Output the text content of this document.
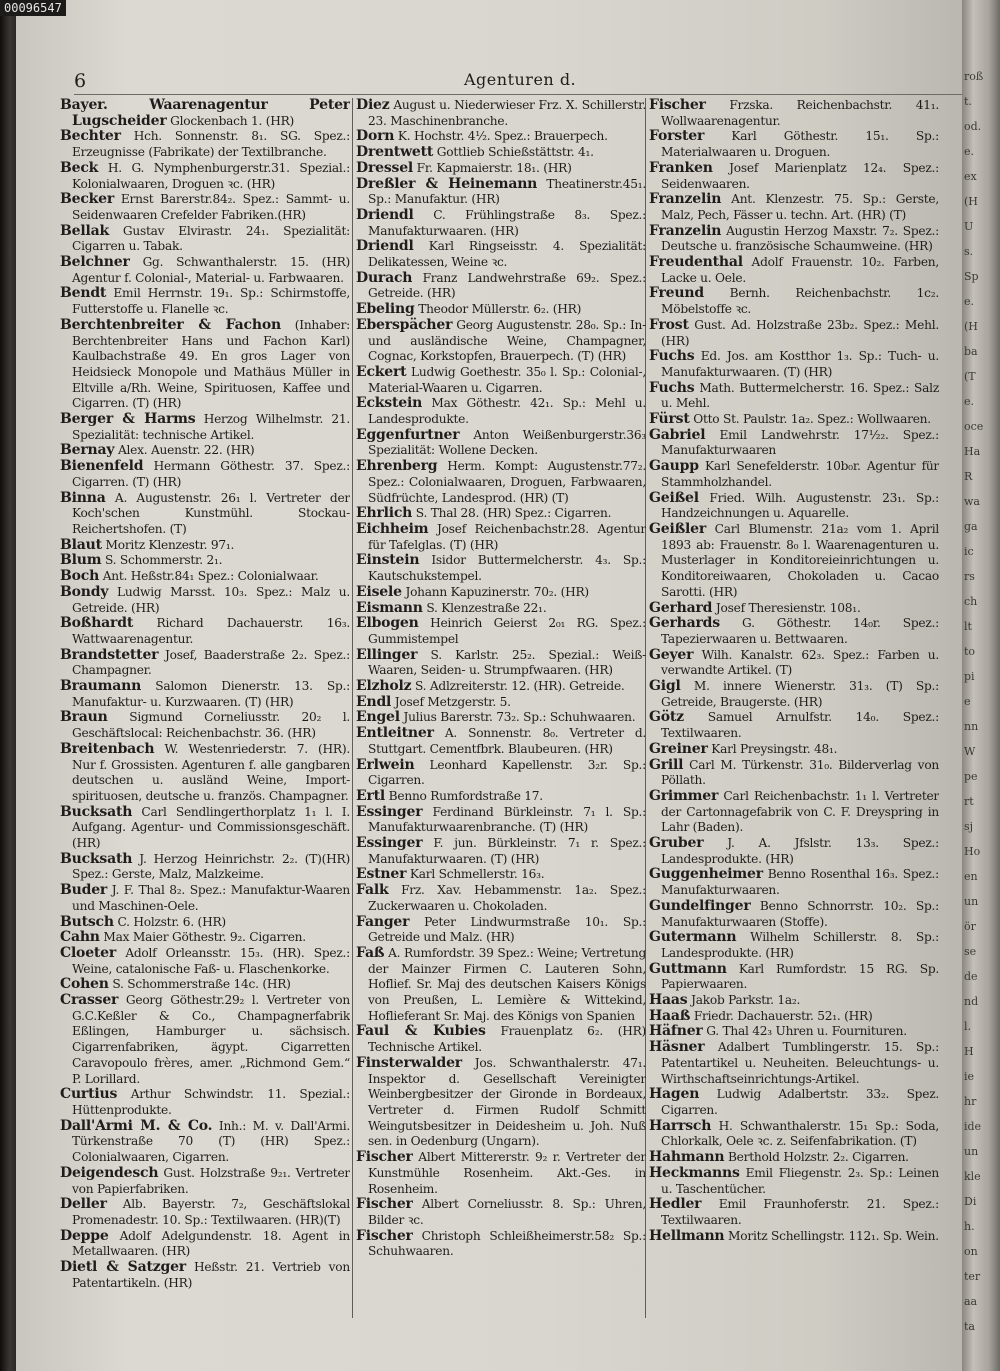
00096547
6	Agenturen d.

Bayer. Waarenagentur Peter Lugscheider Glockenbach 1. (HR)

Bechter Hch. Sonnenstr. 8₁. SG. Spez.: Erzeugnisse (Fabrikate) der Textilbranche.

Beck H. G. Nymphenburgerstr.31. Spezial.: Kolonialwaaren, Droguen ꝛc. (HR)

Becker Ernst Barerstr.84₂. Spez.: Sammt- u. Seidenwaaren Crefelder Fabriken.(HR)

Bellak Gustav Elvirastr. 24₁. Spezialität: Cigarren u. Tabak.

Belchner Gg. Schwanthalerstr. 15. (HR) Agentur f. Colonial-, Material- u. Farbwaaren.

Bendt Emil Herrnstr. 19₁. Sp.: Schirmstoffe, Futterstoffe u. Flanelle ꝛc.

Berchtenbreiter & Fachon (Inhaber: Berchtenbreiter Hans und Fachon Karl) Kaulbachstraße 49. En gros Lager von Heidsieck Monopole und Mathäus Müller in Eltville a/Rh. Weine, Spirituosen, Kaffee und Cigarren. (T) (HR)

Berger & Harms Herzog Wilhelmstr. 21. Spezialität: technische Artikel.

Bernay Alex. Auenstr. 22. (HR)

Bienenfeld Hermann Göthestr. 37. Spez.: Cigarren. (T) (HR)

Binna A. Augustenstr. 26₁ l. Vertreter der Koch'schen Kunstmühl. Stockau-Reichertshofen. (T)

Blaut Moritz Klenzestr. 97₁.

Blum S. Schommerstr. 2₁.

Boch Ant. Heßstr.84₁ Spez.: Colonialwaar.

Bondy Ludwig Marsst. 10₃. Spez.: Malz u. Getreide. (HR)

Boßhardt Richard Dachauerstr. 16₃. Wattwaarenagentur.

Brandstetter Josef, Baaderstraße 2₂. Spez.: Champagner.

Braumann Salomon Dienerstr. 13. Sp.: Manufaktur- u. Kurzwaaren. (T) (HR)

Braun Sigmund Corneliusstr. 20₂ l. Geschäftslocal: Reichenbachstr. 36. (HR)

Breitenbach W. Westenriederstr. 7. (HR). Nur f. Grossisten. Agenturen f. alle gangbaren deutschen u. ausländ Weine, Import-spirituosen, deutsche u. französ. Champagner.

Bucksath Carl Sendlingerthorplatz 1₁ l. I. Aufgang. Agentur- und Commissionsgeschäft. (HR)

Bucksath J. Herzog Heinrichstr. 2₂. (T)(HR) Spez.: Gerste, Malz, Malzkeime.

Buder J. F. Thal 8₂. Spez.: Manufaktur-Waaren und Maschinen-Oele.

Butsch C. Holzstr. 6. (HR)

Cahn Max Maier Göthestr. 9₂. Cigarren.

Cloeter Adolf Orleansstr. 15₃. (HR). Spez.: Weine, catalonische Faß- u. Flaschenkorke.

Cohen S. Schommerstraße 14c. (HR)

Crasser Georg Göthestr.29₂ l. Vertreter von G.C.Keßler & Co., Champagnerfabrik Eßlingen, Hamburger u. sächsisch. Cigarrenfabriken, ägypt. Cigarretten Caravopoulo frères, amer. „Richmond Gem.“ P. Lorillard.

Curtius Arthur Schwindstr. 11. Spezial.: Hüttenprodukte.

Dall'Armi M. & Co. Inh.: M. v. Dall'Armi. Türkenstraße 70 (T) (HR) Spez.: Colonialwaaren, Cigarren.

Deigendesch Gust. Holzstraße 9₂₁. Vertreter von Papierfabriken.

Deller Alb. Bayerstr. 7₂, Geschäftslokal Promenadestr. 10. Sp.: Textilwaaren. (HR)(T)

Deppe Adolf Adelgundenstr. 18. Agent in Metallwaaren. (HR)

Dietl & Satzger Heßstr. 21. Vertrieb von Patentartikeln. (HR)

Diez August u. Niederwieser Frz. X. Schillerstr. 23. Maschinenbranche.

Dorn K. Hochstr. 4½. Spez.: Brauerpech.

Drentwett Gottlieb Schießstättstr. 4₁.

Dressel Fr. Kapmaierstr. 18₁. (HR)

Dreßler & Heinemann Theatinerstr.45₁. Sp.: Manufaktur. (HR)

Driendl C. Frühlingstraße 8₃. Spez.: Manufakturwaaren. (HR)

Driendl Karl Ringseisstr. 4. Spezialität: Delikatessen, Weine ꝛc.

Durach Franz Landwehrstraße 69₂. Spez.: Getreide. (HR)

Ebeling Theodor Müllerstr. 6₂. (HR)

Eberspächer Georg Augustenstr. 28₀. Sp.: In- und ausländische Weine, Champagner, Cognac, Korkstopfen, Brauerpech. (T) (HR)

Eckert Ludwig Goethestr. 35₀ l. Sp.: Colonial-, Material-Waaren u. Cigarren.

Eckstein Max Göthestr. 42₁. Sp.: Mehl u. Landesprodukte.

Eggenfurtner Anton Weißenburgerstr.36₃ Spezialität: Wollene Decken.

Ehrenberg Herm. Kompt: Augustenstr.77₂. Spez.: Colonialwaaren, Droguen, Farbwaaren, Südfrüchte, Landesprod. (HR) (T)

Ehrlich S. Thal 28. (HR) Spez.: Cigarren.

Eichheim Josef Reichenbachstr.28. Agentur für Tafelglas. (T) (HR)

Einstein Isidor Buttermelcherstr. 4₃. Sp.: Kautschukstempel.

Eisele Johann Kapuzinerstr. 70₂. (HR)

Eismann S. Klenzestraße 22₁.

Elbogen Heinrich Geierst 2₀₁ RG. Spez.: Gummistempel

Ellinger S. Karlstr. 25₂. Spezial.: Weiß-Waaren, Seiden- u. Strumpfwaaren. (HR)

Elzholz S. Adlzreiterstr. 12. (HR). Getreide.

Endl Josef Metzgerstr. 5.

Engel Julius Barerstr. 73₂. Sp.: Schuhwaaren.

Entleitner A. Sonnenstr. 8₀. Vertreter d. Stuttgart. Cementfbrk. Blaubeuren. (HR)

Erlwein Leonhard Kapellenstr. 3₂r. Sp.: Cigarren.

Ertl Benno Rumfordstraße 17.

Essinger Ferdinand Bürkleinstr. 7₁ l. Sp.: Manufakturwaarenbranche. (T) (HR)

Essinger F. jun. Bürkleinstr. 7₁ r. Spez.: Manufakturwaaren. (T) (HR)

Estner Karl Schmellerstr. 16₃.

Falk Frz. Xav. Hebammenstr. 1a₂. Spez.: Zuckerwaaren u. Chokoladen.

Fanger Peter Lindwurmstraße 10₁. Sp.: Getreide und Malz. (HR)

Faß A. Rumfordstr. 39 Spez.: Weine; Vertretung der Mainzer Firmen C. Lauteren Sohn, Hoflief. Sr. Maj des deutschen Kaisers Königs von Preußen, L. Lemière & Wittekind, Hoflieferant Sr. Maj. des Königs von Spanien

Faul & Kubies Frauenplatz 6₂. (HR) Technische Artikel.

Finsterwalder Jos. Schwanthalerstr. 47₁. Inspektor d. Gesellschaft Vereinigter Weinbergbesitzer der Gironde in Bordeaux, Vertreter d. Firmen Rudolf Schmitt Weingutsbesitzer in Deidesheim u. Joh. Nuß sen. in Oedenburg (Ungarn).

Fischer Albert Mittererstr. 9₂ r. Vertreter der Kunstmühle Rosenheim. Akt.-Ges. in Rosenheim.

Fischer Albert Corneliusstr. 8. Sp.: Uhren, Bilder ꝛc.

Fischer Christoph Schleißheimerstr.58₂ Sp.: Schuhwaaren.

Fischer Frzska. Reichenbachstr. 41₁. Wollwaarenagentur.

Forster Karl Göthestr. 15₁. Sp.: Materialwaaren u. Droguen.

Franken Josef Marienplatz 12₄. Spez.: Seidenwaaren.

Franzelin Ant. Klenzestr. 75. Sp.: Gerste, Malz, Pech, Fässer u. techn. Art. (HR) (T)

Franzelin Augustin Herzog Maxstr. 7₂. Spez.: Deutsche u. französische Schaumweine. (HR)

Freudenthal Adolf Frauenstr. 10₂. Farben, Lacke u. Oele.

Freund Bernh. Reichenbachstr. 1c₂. Möbelstoffe ꝛc.

Frost Gust. Ad. Holzstraße 23b₂. Spez.: Mehl. (HR)

Fuchs Ed. Jos. am Kostthor 1₃. Sp.: Tuch- u. Manufakturwaaren. (T) (HR)

Fuchs Math. Buttermelcherstr. 16. Spez.: Salz u. Mehl.

Fürst Otto St. Paulstr. 1a₂. Spez.: Wollwaaren.

Gabriel Emil Landwehrstr. 17½₂. Spez.: Manufakturwaaren

Gaupp Karl Senefelderstr. 10b₀r. Agentur für Stammholzhandel.

Geißel Fried. Wilh. Augustenstr. 23₁. Sp.: Handzeichnungen u. Aquarelle.

Geißler Carl Blumenstr. 21a₂ vom 1. April 1893 ab: Frauenstr. 8₀ l. Waarenagenturen u. Musterlager in Konditoreieinrichtungen u. Konditoreiwaaren, Chokoladen u. Cacao Sarotti. (HR)

Gerhard Josef Theresienstr. 108₁.

Gerhards G. Göthestr. 14₀r. Spez.: Tapezierwaaren u. Bettwaaren.

Geyer Wilh. Kanalstr. 62₃. Spez.: Farben u. verwandte Artikel. (T)

Gigl M. innere Wienerstr. 31₃. (T) Sp.: Getreide, Braugerste. (HR)

Götz Samuel Arnulfstr. 14₀. Spez.: Textilwaaren.

Greiner Karl Preysingstr. 48₁.

Grill Carl M. Türkenstr. 31₀. Bilderverlag von Pöllath.

Grimmer Carl Reichenbachstr. 1₁ l. Vertreter der Cartonnagefabrik von C. F. Dreyspring in Lahr (Baden).

Gruber J. A. Jfslstr. 13₃. Spez.: Landesprodukte. (HR)

Guggenheimer Benno Rosenthal 16₃. Spez.: Manufakturwaaren.

Gundelfinger Benno Schnorrstr. 10₂. Sp.: Manufakturwaaren (Stoffe).

Gutermann Wilhelm Schillerstr. 8. Sp.: Landesprodukte. (HR)

Guttmann Karl Rumfordstr. 15 RG. Sp. Papierwaaren.

Haas Jakob Parkstr. 1a₂.

Haaß Friedr. Dachauerstr. 52₁. (HR)

Häfner G. Thal 42₃ Uhren u. Fournituren.

Häsner Adalbert Tumblingerstr. 15. Sp.: Patentartikel u. Neuheiten. Beleuchtungs- u. Wirthschaftseinrichtungs-Artikel.

Hagen Ludwig Adalbertstr. 33₂. Spez. Cigarren.

Harrsch H. Schwanthalerstr. 15₁ Sp.: Soda, Chlorkalk, Oele ꝛc. z. Seifenfabrikation. (T)

Hahmann Berthold Holzstr. 2₂. Cigarren.

Heckmanns Emil Fliegenstr. 2₃. Sp.: Leinen u. Taschentücher.

Hedler Emil Fraunhoferstr. 21. Spez.: Textilwaaren.

Hellmann Moritz Schellingstr. 112₁. Sp. Wein.

roß
t.
od.
e.
ex
(H
U
s.
Sp
e.
(H
ba
(T
e.
oce
Ha
R
wa
ga
ic
rs
ch
lt
to
pi
e
nn
W
pe
rt
sj
Ho
en
un
ör
se
de
nd
l.
H
ie
hr
ide
un
kle
Di
h.
on
ter
aa
ta
